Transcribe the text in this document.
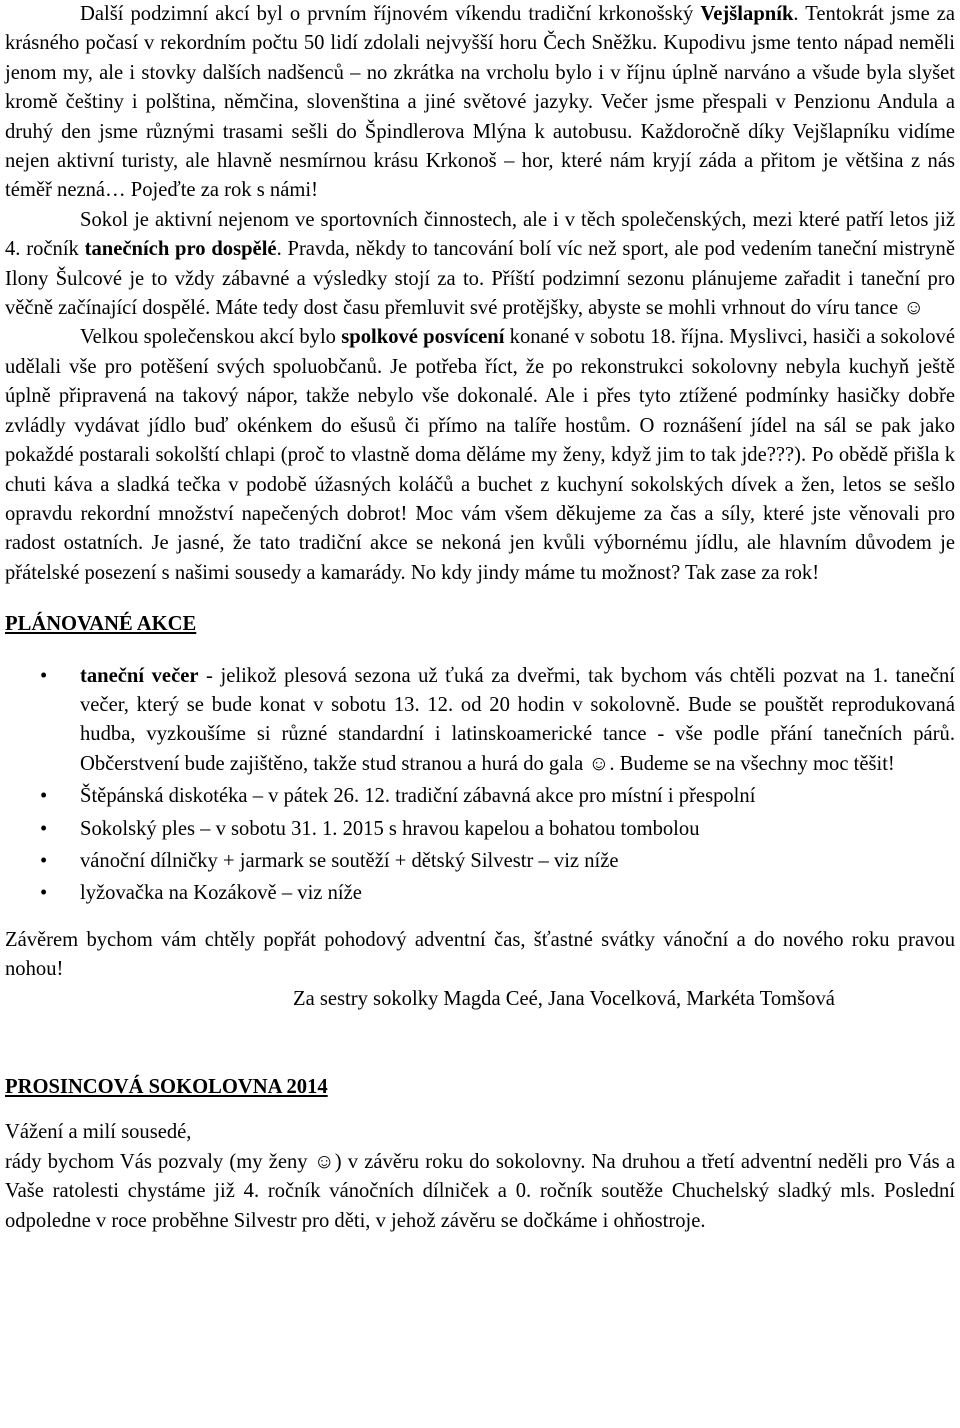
Další podzimní akcí byl o prvním říjnovém víkendu tradiční krkonošský Vejšlapník. Tentokrát jsme za krásného počasí v rekordním počtu 50 lidí zdolali nejvyšší horu Čech Sněžku. Kupodivu jsme tento nápad neměli jenom my, ale i stovky dalších nadšenců – no zkrátka na vrcholu bylo i v říjnu úplně narváno a všude byla slyšet kromě češtiny i polština, němčina, slovenština a jiné světové jazyky. Večer jsme přespali v Penzionu Andula a druhý den jsme různými trasami sešli do Špindlerova Mlýna k autobusu. Každoročně díky Vejšlapníku vidíme nejen aktivní turisty, ale hlavně nesmírnou krásu Krkonoš – hor, které nám kryjí záda a přitom je většina z nás téměř nezná… Pojeďte za rok s námi!

Sokol je aktivní nejenom ve sportovních činnostech, ale i v těch společenských, mezi které patří letos již 4. ročník tanečních pro dospělé. Pravda, někdy to tancování bolí víc než sport, ale pod vedením taneční mistryně Ilony Šulcové je to vždy zábavné a výsledky stojí za to. Příští podzimní sezonu plánujeme zařadit i taneční pro věčně začínající dospělé. Máte tedy dost času přemluvit své protějšky, abyste se mohli vrhnout do víru tance ☺

Velkou společenskou akcí bylo spolkové posvícení konané v sobotu 18. října. Myslivci, hasiči a sokolové udělali vše pro potěšení svých spoluobčanů. Je potřeba říct, že po rekonstrukci sokolovny nebyla kuchyň ještě úplně připravená na takový nápor, takže nebylo vše dokonalé. Ale i přes tyto ztížené podmínky hasičky dobře zvládly vydávat jídlo buď okénkem do ešusů či přímo na talíře hostům. O roznášení jídel na sál se pak jako pokaždé postarali sokolští chlapi (proč to vlastně doma děláme my ženy, když jim to tak jde???). Po obědě přišla k chuti káva a sladká tečka v podobě úžasných koláčů a buchet z kuchyní sokolských dívek a žen, letos se sešlo opravdu rekordní množství napečených dobrot! Moc vám všem děkujeme za čas a síly, které jste věnovali pro radost ostatních. Je jasné, že tato tradiční akce se nekoná jen kvůli výbornému jídlu, ale hlavním důvodem je přátelské posezení s našimi sousedy a kamarády. No kdy jindy máme tu možnost? Tak zase za rok!

PLÁNOVANÉ AKCE

• taneční večer - jelikož plesová sezona už ťuká za dveřmi, tak bychom vás chtěli pozvat na 1. taneční večer, který se bude konat v sobotu 13. 12. od 20 hodin v sokolovně. Bude se pouštět reprodukovaná hudba, vyzkoušíme si různé standardní i latinskoamerické tance - vše podle přání tanečních párů. Občerstvení bude zajištěno, takže stud stranou a hurá do gala ☺. Budeme se na všechny moc těšit!
• Štěpánská diskotéka – v pátek 26. 12. tradiční zábavná akce pro místní i přespolní
• Sokolský ples – v sobotu 31. 1. 2015 s hravou kapelou a bohatou tombolou
• vánoční dílničky + jarmark se soutěží + dětský Silvestr – viz níže
• lyžovačka na Kozákově – viz níže

Závěrem bychom vám chtěly popřát pohodový adventní čas, šťastné svátky vánoční a do nového roku pravou nohou!

Za sestry sokolky Magda Ceé, Jana Vocelková, Markéta Tomšová

PROSINCOVÁ SOKOLOVNA 2014

Vážení a milí sousedé,

rády bychom Vás pozvaly (my ženy ☺) v závěru roku do sokolovny. Na druhou a třetí adventní neděli pro Vás a Vaše ratolesti chystáme již 4. ročník vánočních dílniček a 0. ročník soutěže Chuchelský sladký mls. Poslední odpoledne v roce proběhne Silvestr pro děti, v jehož závěru se dočkáme i ohňostroje.
